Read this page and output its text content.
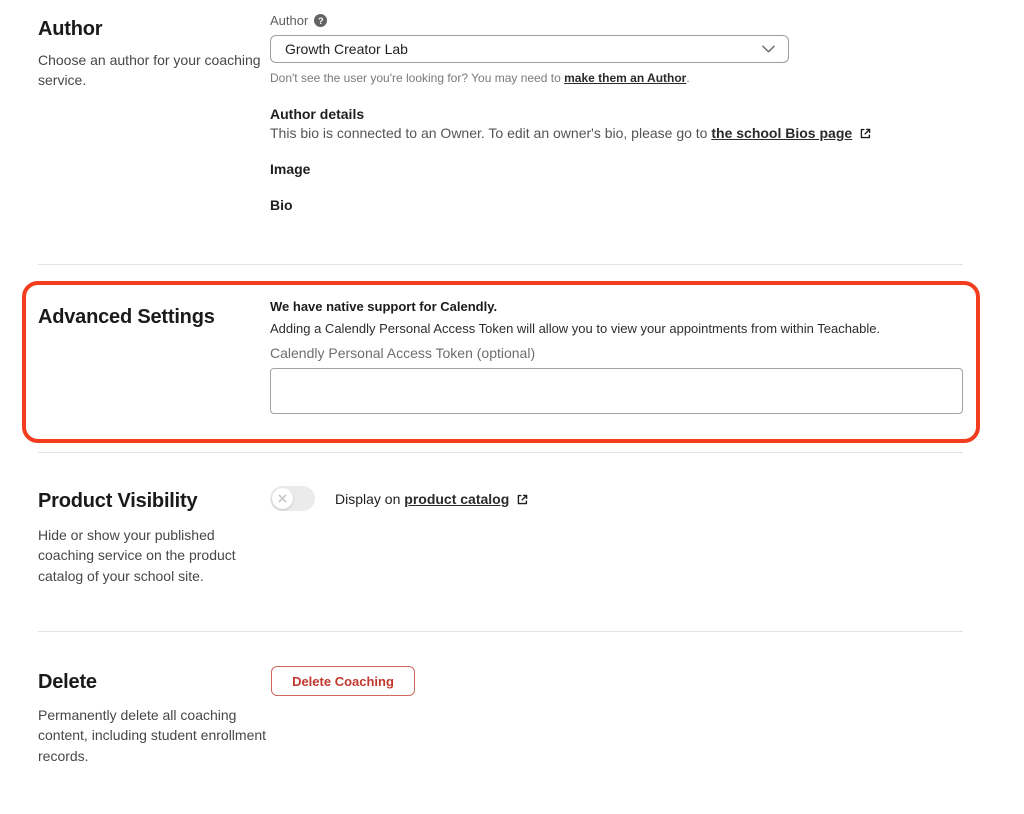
Author

Choose an author for your coaching service.

Author	?
Growth Creator Lab
Don't see the user you're looking for? You may need to make them an Author.
Author details
This bio is connected to an Owner. To edit an owner's bio, please go to the school Bios page
Image
Bio
Advanced Settings	We have native support for Calendly.
Adding a Calendly Personal Access Token will allow you to view your appointments from within Teachable.
Calendly Personal Access Token (optional)
Product Visibility

Hide or show your published coaching service on the product catalog of your school site.

Display on product catalog
Delete

Permanently delete all coaching content, including student enrollment records.

Delete Coaching
